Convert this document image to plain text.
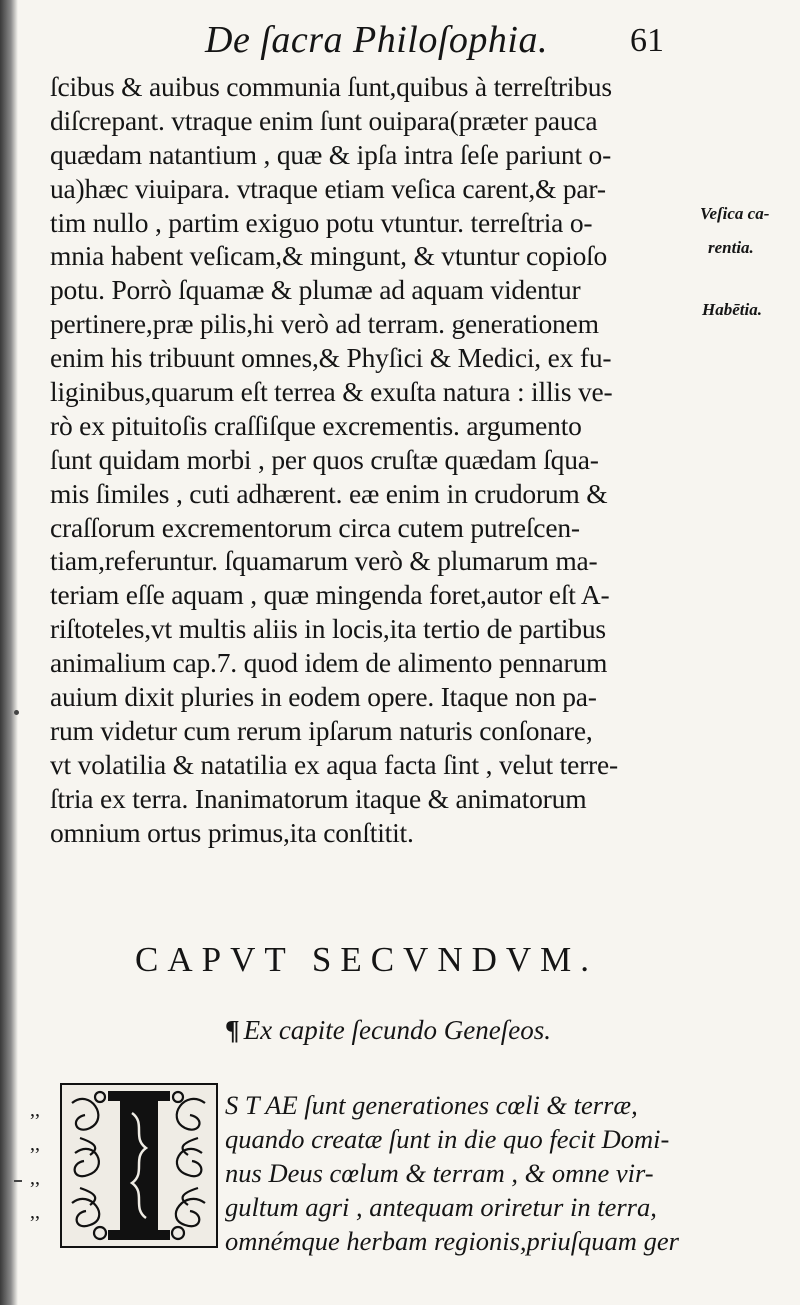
De ſacra Philoſophia. 61
ſcibus & auibus communia ſunt,quibus à terreſtribus
diſcrepant. vtraque enim ſunt ouipara(præter pauca
quædam natantium , quæ & ipſa intra ſeſe pariunt o-
ua)hæc viuipara. vtraque etiam veſica carent,& par-
tim nullo , partim exiguo potu vtuntur. terreſtria o-
mnia habent veſicam,& mingunt, & vtuntur copioſo
potu. Porrò ſquamæ & plumæ ad aquam videntur
pertinere,præ pilis,hi verò ad terram. generationem
enim his tribuunt omnes,& Phyſici & Medici, ex fu-
liginibus,quarum eſt terrea & exuſta natura : illis ve-
rò ex pituitoſis craſſiſque excrementis. argumento
ſunt quidam morbi , per quos cruſtæ quædam ſqua-
mis ſimiles , cuti adhærent. eæ enim in crudorum &
craſſorum excrementorum circa cutem putreſcen-
tiam,referuntur. ſquamarum verò & plumarum ma-
teriam eſſe aquam , quæ mingenda foret,autor eſt A-
riſtoteles,vt multis aliis in locis,ita tertio de partibus
animalium cap.7. quod idem de alimento pennarum
auium dixit pluries in eodem opere. Itaque non pa-
rum videtur cum rerum ipſarum naturis conſonare,
vt volatilia & natatilia ex aqua facta ſint , velut terre-
ſtria ex terra. Inanimatorum itaque & animatorum
omnium ortus primus,ita conſtitit.
Veſica ca-
rentia.
Habētia.
CAPVT SECVNDVM.
¶ Ex capite ſecundo Geneſeos.
,,
,,
,,
,,
S T AE ſunt generationes cœli & terræ,
quando creatæ ſunt in die quo fecit Domi-
nus Deus cœlum & terram , & omne vir-
gultum agri , antequam oriretur in terra,
omnémque herbam regionis,priuſquam ger
